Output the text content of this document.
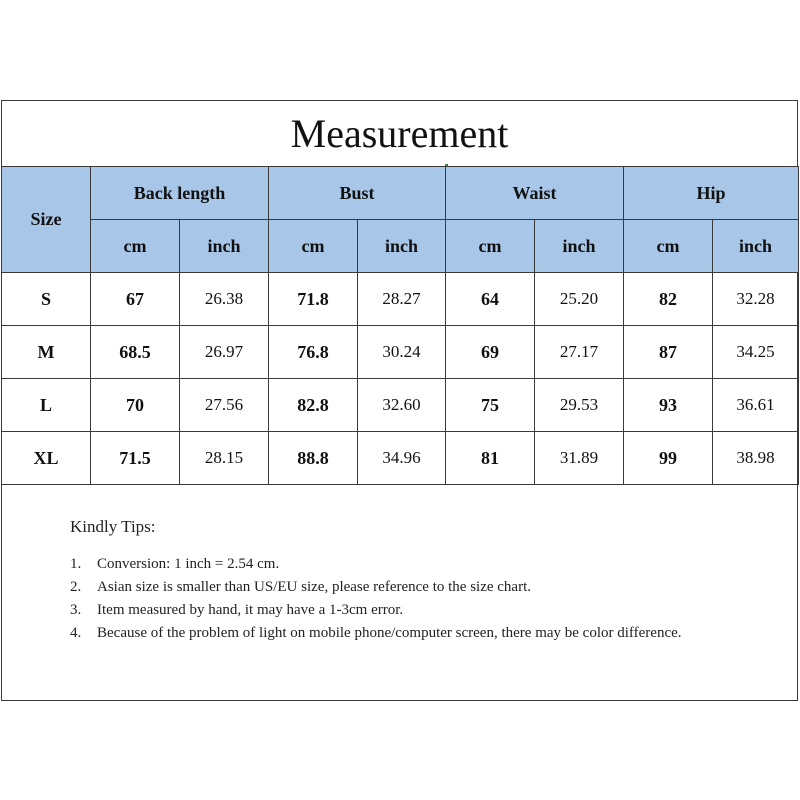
Measurement
Size	Back length		Bust		Waist		Hip	
	cm	inch	cm	inch	cm	inch	cm	inch
S	67	26.38	71.8	28.27	64	25.20	82	32.28
M	68.5	26.97	76.8	30.24	69	27.17	87	34.25
L	70	27.56	82.8	32.60	75	29.53	93	36.61
XL	71.5	28.15	88.8	34.96	81	31.89	99	38.98
Kindly Tips:
1. Conversion: 1 inch = 2.54 cm.
2. Asian size is smaller than US/EU size, please reference to the size chart.
3. Item measured by hand, it may have a 1-3cm error.
4. Because of the problem of light on mobile phone/computer screen, there may be color difference.
